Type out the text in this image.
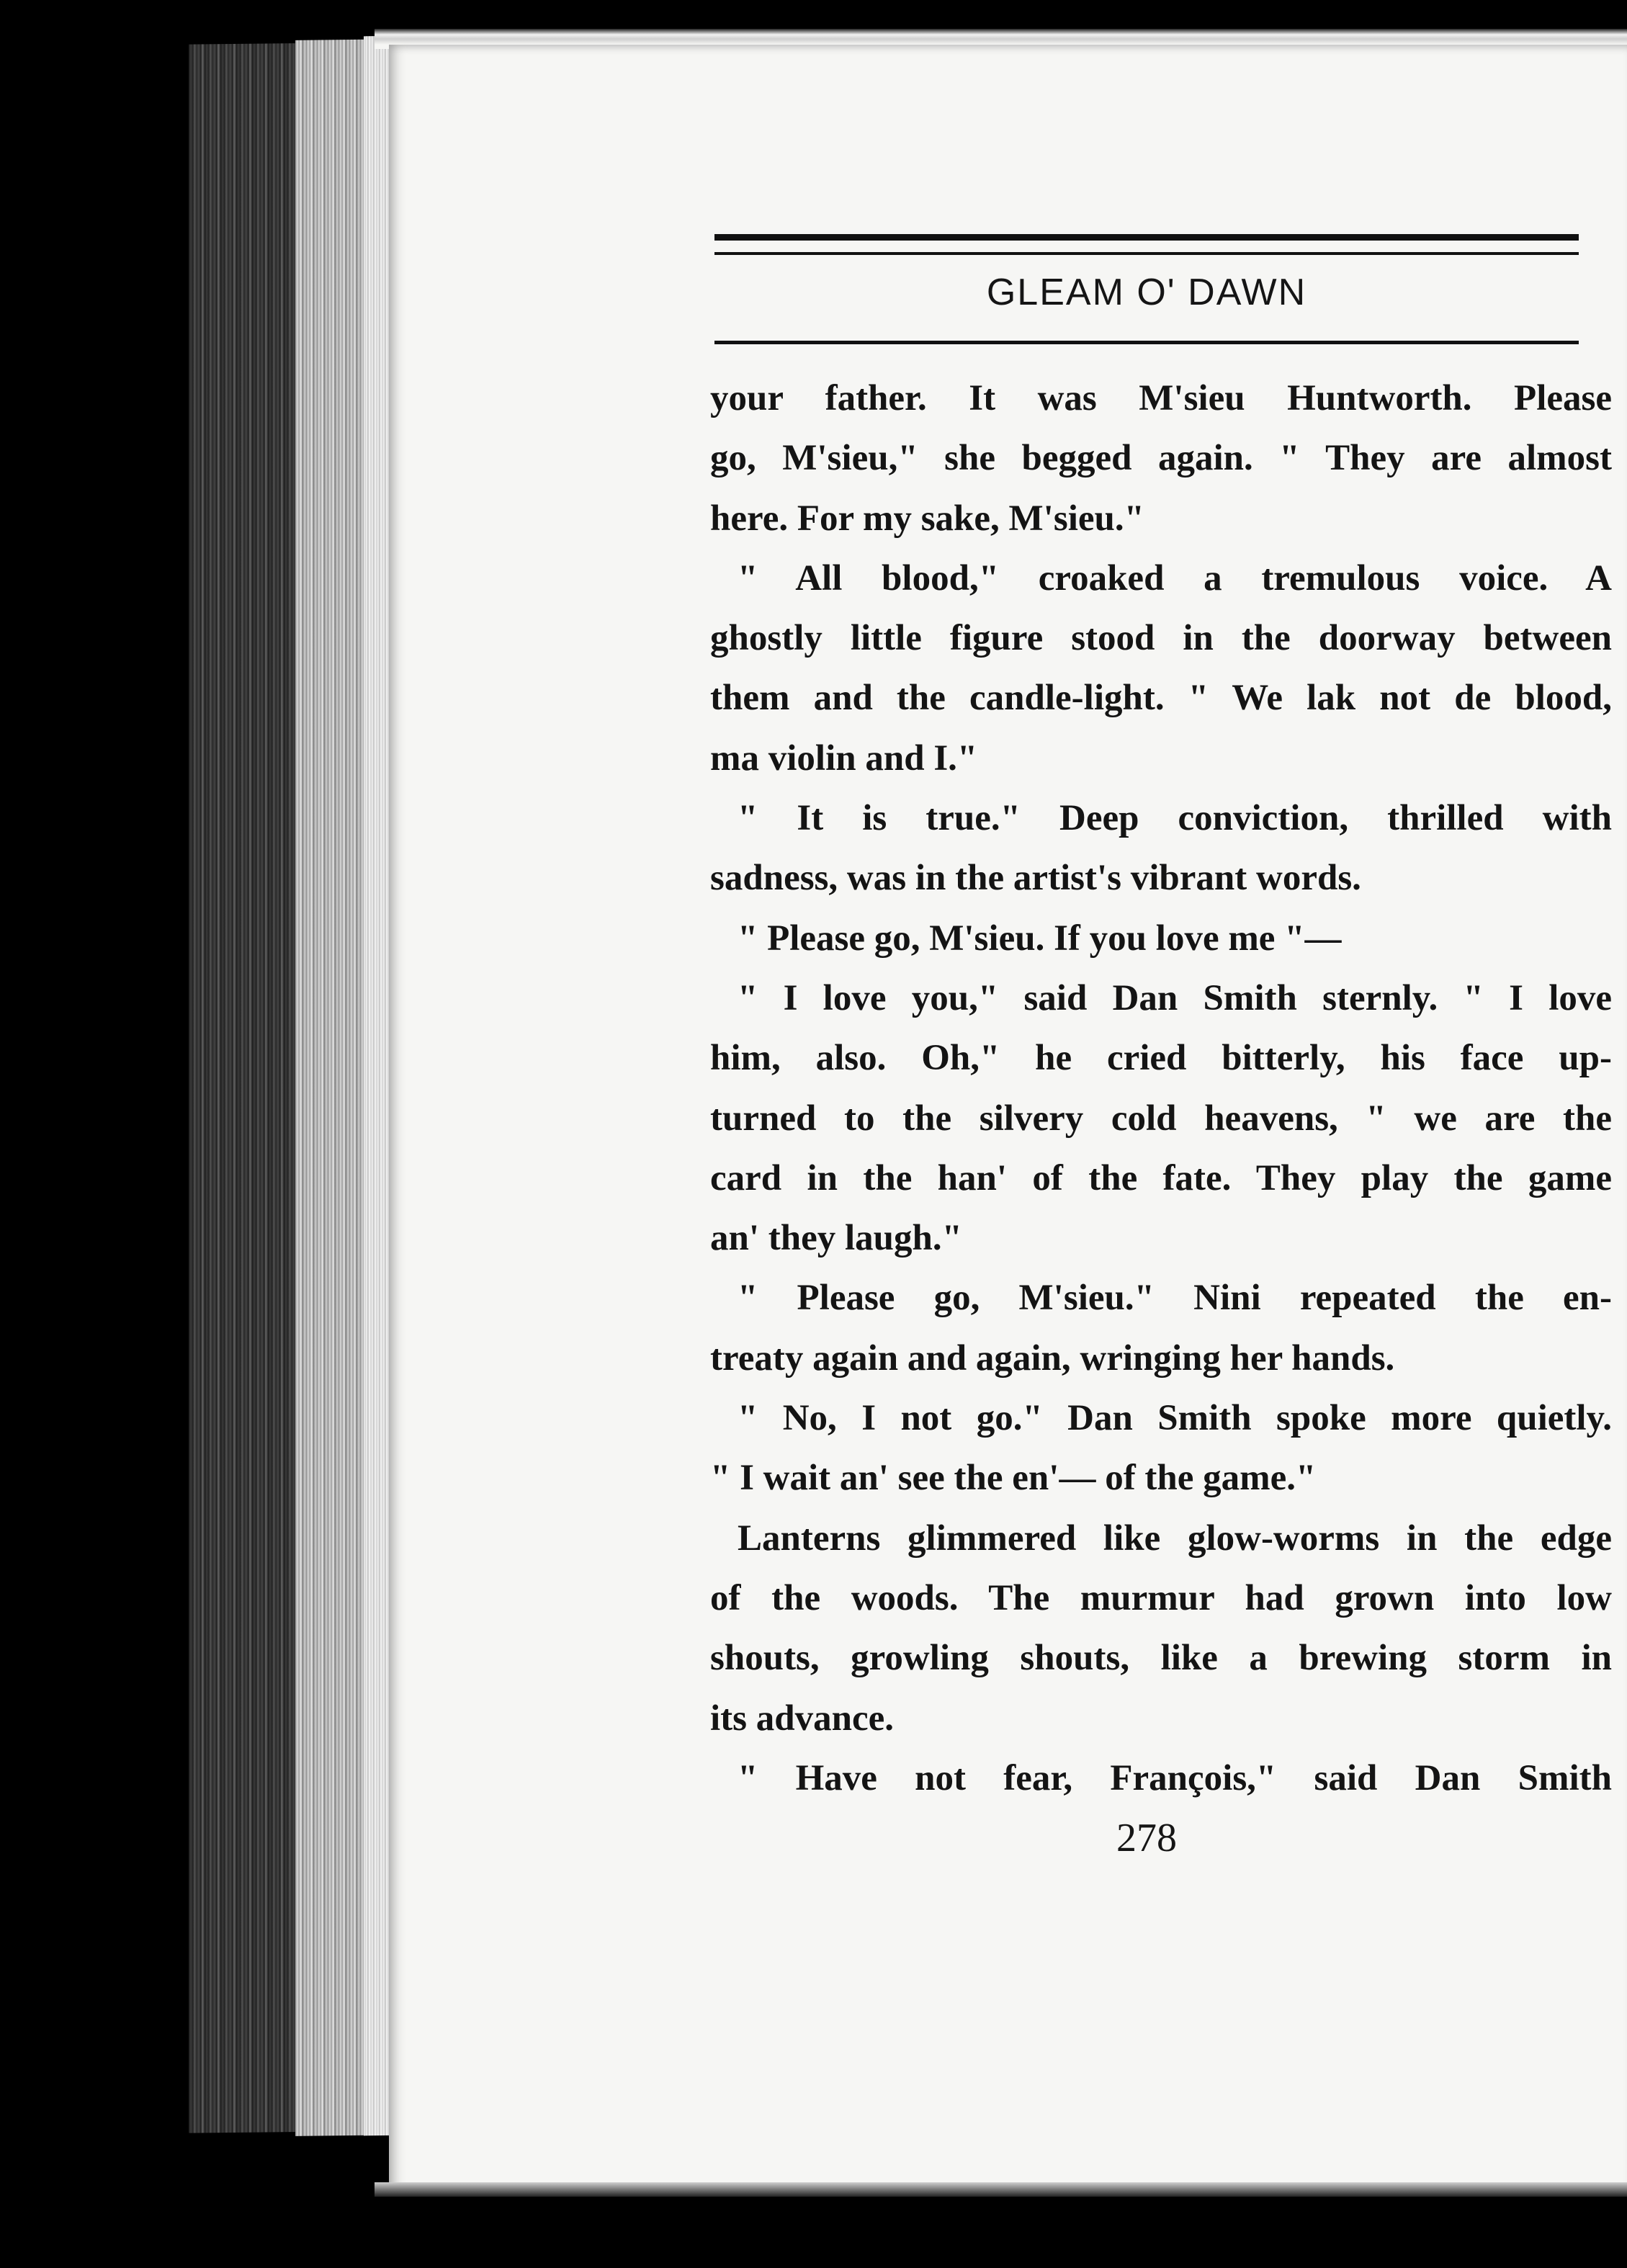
GLEAM O' DAWN
your father. It was M'sieu Huntworth. Please
go, M'sieu," she begged again. " They are almost
here. For my sake, M'sieu."
" All blood," croaked a tremulous voice. A
ghostly little figure stood in the doorway between
them and the candle-light. " We lak not de blood,
ma violin and I."
" It is true." Deep conviction, thrilled with
sadness, was in the artist's vibrant words.
" Please go, M'sieu. If you love me "—
" I love you," said Dan Smith sternly. " I love
him, also. Oh," he cried bitterly, his face up-
turned to the silvery cold heavens, " we are the
card in the han' of the fate. They play the game
an' they laugh."
" Please go, M'sieu." Nini repeated the en-
treaty again and again, wringing her hands.
" No, I not go." Dan Smith spoke more quietly.
" I wait an' see the en'— of the game."
Lanterns glimmered like glow-worms in the edge
of the woods. The murmur had grown into low
shouts, growling shouts, like a brewing storm in
its advance.
" Have not fear, François," said Dan Smith
278
